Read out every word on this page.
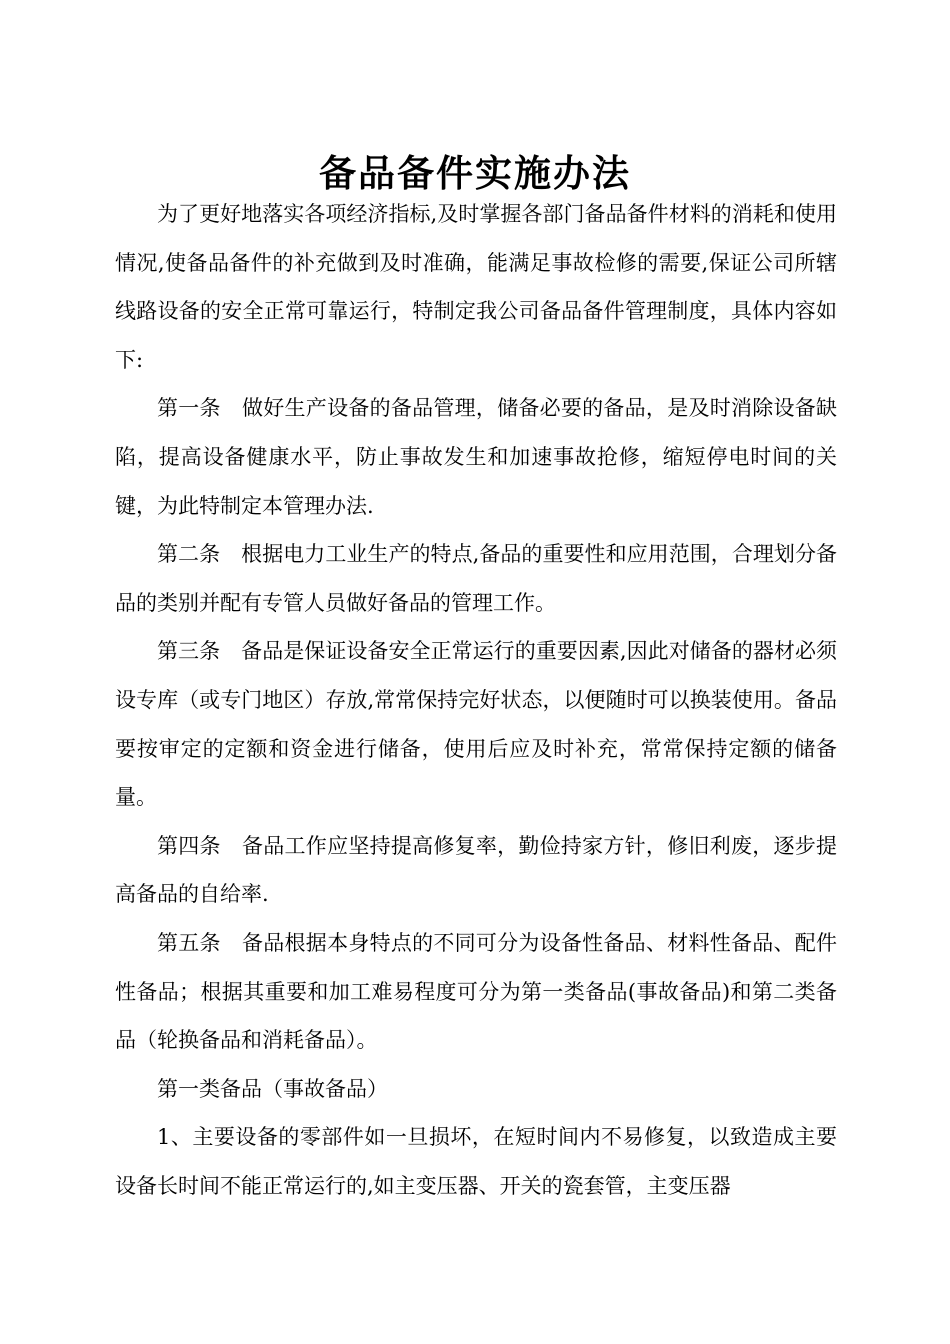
备品备件实施办法

为了更好地落实各项经济指标,及时掌握各部门备品备件材料的消耗和使用情况,使备品备件的补充做到及时准确，能满足事故检修的需要,保证公司所辖线路设备的安全正常可靠运行，特制定我公司备品备件管理制度，具体内容如下:

第一条　做好生产设备的备品管理，储备必要的备品，是及时消除设备缺陷，提高设备健康水平，防止事故发生和加速事故抢修，缩短停电时间的关键，为此特制定本管理办法.

第二条　根据电力工业生产的特点,备品的重要性和应用范围，合理划分备品的类别并配有专管人员做好备品的管理工作。

第三条　备品是保证设备安全正常运行的重要因素,因此对储备的器材必须设专库（或专门地区）存放,常常保持完好状态，以便随时可以换装使用。备品要按审定的定额和资金进行储备，使用后应及时补充，常常保持定额的储备量。

第四条　备品工作应坚持提高修复率，勤俭持家方针，修旧利废，逐步提高备品的自给率.

第五条　备品根据本身特点的不同可分为设备性备品、材料性备品、配件性备品；根据其重要和加工难易程度可分为第一类备品(事故备品)和第二类备品（轮换备品和消耗备品）。

第一类备品（事故备品）

1、主要设备的零部件如一旦损坏，在短时间内不易修复，以致造成主要设备长时间不能正常运行的,如主变压器、开关的瓷套管，主变压器
